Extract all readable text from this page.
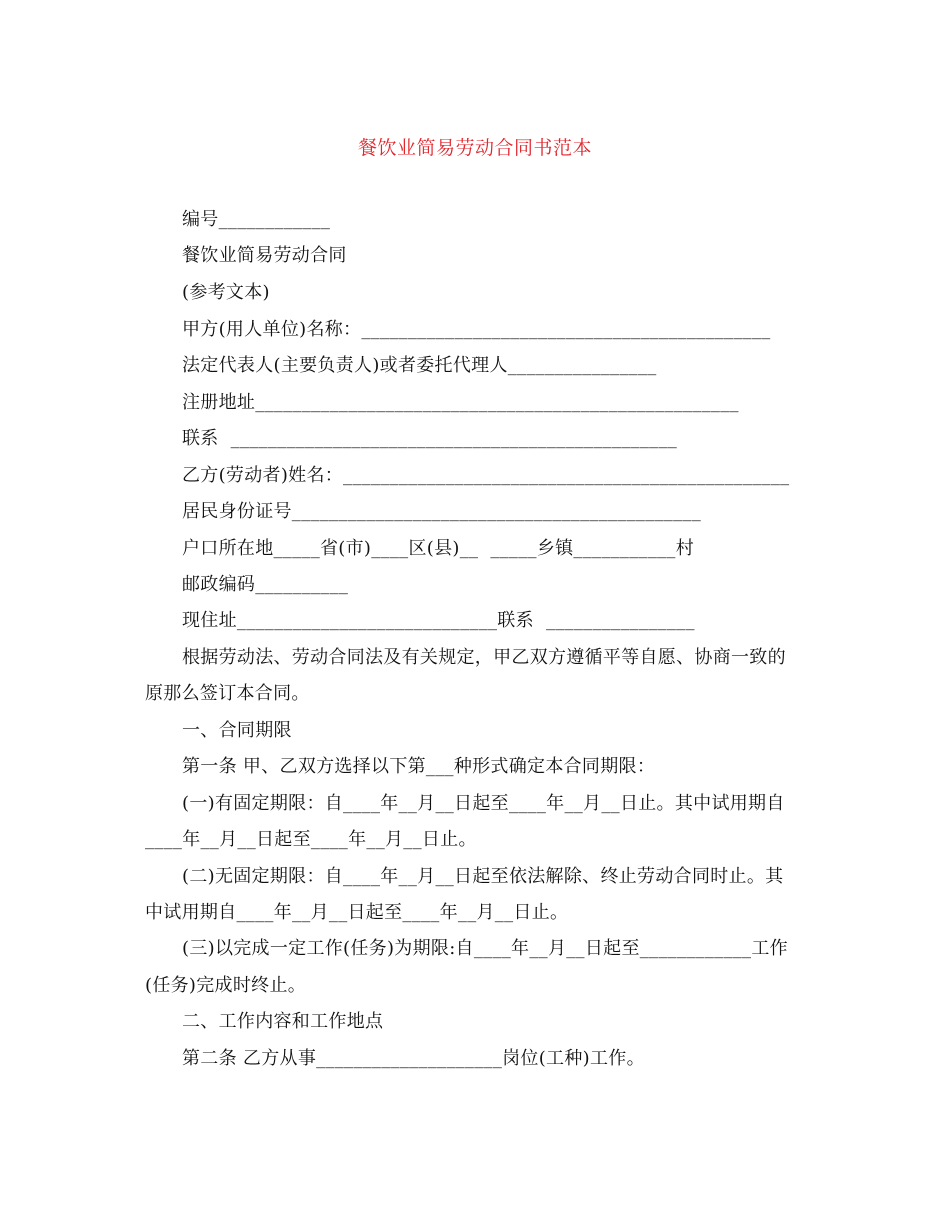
餐饮业简易劳动合同书范本
编号____________
餐饮业简易劳动合同
(参考文本)
甲方(用人单位)名称：____________________________________________
法定代表人(主要负责人)或者委托代理人________________
注册地址____________________________________________________
联系  ________________________________________________
乙方(劳动者)姓名：________________________________________________
居民身份证号____________________________________________
户口所在地_____省(市)____区(县)__  _____乡镇___________村
邮政编码__________
现住址____________________________联系  ________________
根据劳动法、劳动合同法及有关规定，甲乙双方遵循平等自愿、协商一致的
原那么签订本合同。
一、合同期限
第一条 甲、乙双方选择以下第___种形式确定本合同期限：
(一)有固定期限：自____年__月__日起至____年__月__日止。其中试用期自
____年__月__日起至____年__月__日止。
(二)无固定期限：自____年__月__日起至依法解除、终止劳动合同时止。其
中试用期自____年__月__日起至____年__月__日止。
(三)以完成一定工作(任务)为期限:自____年__月__日起至____________工作
(任务)完成时终止。
二、工作内容和工作地点
第二条 乙方从事____________________岗位(工种)工作。
